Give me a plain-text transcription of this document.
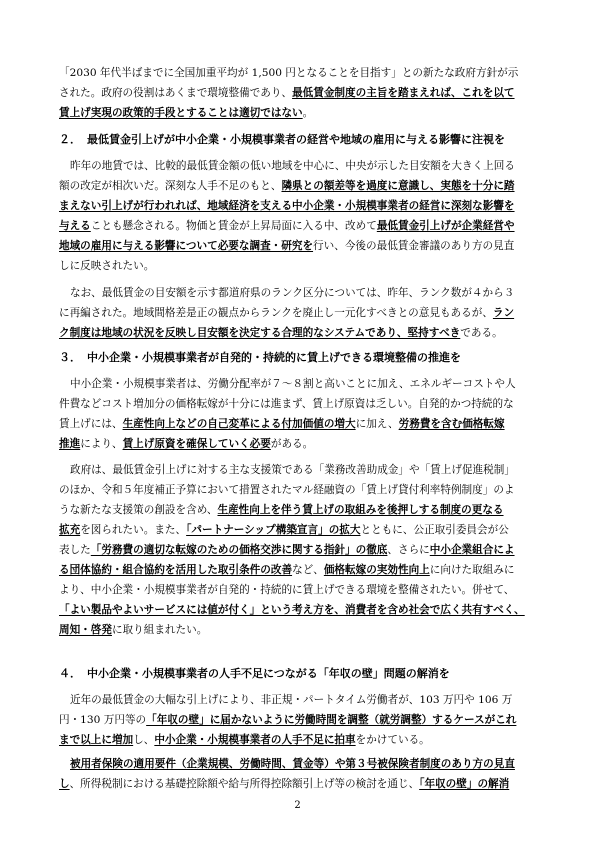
「2030 年代半ばまでに全国加重平均が 1,500 円となることを目指す」との新たな政府方針が示
された。政府の役割はあくまで環境整備であり、最低賃金制度の主旨を踏まえれば、これを以て
賃上げ実現の政策的手段とすることは適切ではない。
２． 最低賃金引上げが中小企業・小規模事業者の経営や地域の雇用に与える影響に注視を
昨年の地賃では、比較的最低賃金額の低い地域を中心に、中央が示した目安額を大きく上回る
額の改定が相次いだ。深刻な人手不足のもと、隣県との額差等を過度に意識し、実態を十分に踏
まえない引上げが行われれば、地域経済を支える中小企業・小規模事業者の経営に深刻な影響を
与えることも懸念される。物価と賃金が上昇局面に入る中、改めて最低賃金引上げが企業経営や
地域の雇用に与える影響について必要な調査・研究を行い、今後の最低賃金審議のあり方の見直
しに反映されたい。
なお、最低賃金の目安額を示す都道府県のランク区分については、昨年、ランク数が４から３
に再編された。地域間格差是正の観点からランクを廃止し一元化すべきとの意見もあるが、ラン
ク制度は地域の状況を反映し目安額を決定する合理的なシステムであり、堅持すべきである。
３． 中小企業・小規模事業者が自発的・持続的に賃上げできる環境整備の推進を
中小企業・小規模事業者は、労働分配率が７～８割と高いことに加え、エネルギーコストや人
件費などコスト増加分の価格転嫁が十分には進まず、賃上げ原資は乏しい。自発的かつ持続的な
賃上げには、生産性向上などの自己変革による付加価値の増大に加え、労務費を含む価格転嫁
推進により、賃上げ原資を確保していく必要がある。
政府は、最低賃金引上げに対する主な支援策である「業務改善助成金」や「賃上げ促進税制」
のほか、令和５年度補正予算において措置されたマル経融資の「賃上げ貸付利率特例制度」のよ
うな新たな支援策の創設を含め、生産性向上を伴う賃上げの取組みを後押しする制度の更なる
拡充を図られたい。また、「パートナーシップ構築宣言」の拡大とともに、公正取引委員会が公
表した「労務費の適切な転嫁のための価格交渉に関する指針」の徹底、さらに中小企業組合によ
る団体協約・組合協約を活用した取引条件の改善など、価格転嫁の実効性向上に向けた取組みに
より、中小企業・小規模事業者が自発的・持続的に賃上げできる環境を整備されたい。併せて、
「よい製品やよいサービスには値が付く」という考え方を、消費者を含め社会で広く共有すべく、
周知・啓発に取り組まれたい。
４． 中小企業・小規模事業者の人手不足につながる「年収の壁」問題の解消を
近年の最低賃金の大幅な引上げにより、非正規・パートタイム労働者が、103 万円や 106 万
円・130 万円等の「年収の壁」に届かないように労働時間を調整（就労調整）するケースがこれ
まで以上に増加し、中小企業・小規模事業者の人手不足に拍車をかけている。
被用者保険の適用要件（企業規模、労働時間、賃金等）や第３号被保険者制度のあり方の見直
し、所得税制における基礎控除額や給与所得控除額引上げ等の検討を通じ、「年収の壁」の解消
2
